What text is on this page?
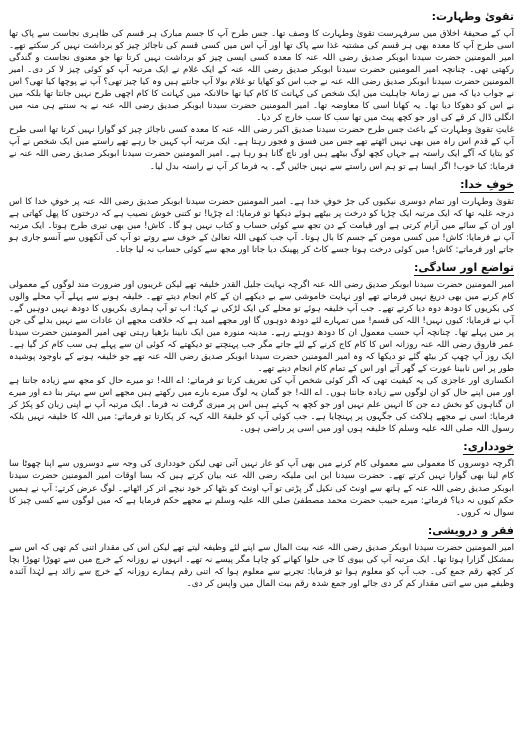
تقویٰ وطہارت:

آپ کے صحیفۂ اخلاق میں سرفہرست تقویٰ وطہارت کا وصف تھا۔ جس طرح آپ کا جسم مبارک ہر قسم کی ظاہری نجاست سے پاک تھا اسی طرح آپ کا معدہ بھی ہر قسم کی مشتبہ غذا سے پاک تھا اور آپ اس میں کسی قسم کی ناجائز چیز کو برداشت نہیں کر سکتے تھے۔ امیر المومنین حضرت سیدنا ابوبکر صدیق رضی اللہ عنہ کا معدہ کسی ایسی چیز کو برداشت نہیں کرتا تھا جو معنوی نجاست و گندگی رکھتی تھی۔ چنانچہ امیر المومنین حضرت سیدنا ابوبکر صدیق رضی اللہ عنہ کے ایک غلام نے ایک مرتبہ آپ کو کوئی چیز لا کر دی۔ امیر المومنین حضرت سیدنا ابوبکر صدیق رضی اللہ عنہ نے جب اس کو کھایا تو غلام بولا آپ جانتے ہیں وہ کیا چیز تھی؟ آپ نے پوچھا کیا تھی؟ اس نے جواب دیا کہ میں نے زمانۂ جاہلیت میں ایک شخص کی کہانت کا کام کیا تھا حالانکہ میں کہانت کا کام اچھی طرح نہیں جانتا تھا بلکہ میں نے اس کو دھوکا دیا تھا۔ یہ کھانا اسی کا معاوضہ تھا۔ امیر المومنین حضرت سیدنا ابوبکر صدیق رضی اللہ عنہ نے یہ سنتے ہی منہ میں انگلی ڈال کر قے کی اور جو کچھ پیٹ میں تھا سب کا سب خارج کر دیا۔

غایتِ تقویٰ وطہارت کے باعث جس طرح حضرت سیدنا صدیق اکبر رضی اللہ عنہ کا معدہ کسی ناجائز چیز کو گوارا نہیں کرتا تھا اسی طرح آپ کے قدم اس راہ میں بھی نہیں اٹھتے تھے جس میں فسق و فجور رہتا ہے۔ ایک مرتبہ آپ کہیں جا رہے تھے راستے میں ایک شخص نے آپ کو بتایا کہ آگے ایک راستہ ہے جہاں کچھ لوگ بیٹھے ہیں اور ناچ گانا ہو رہا ہے۔ امیر المومنین حضرت سیدنا ابوبکر صدیق رضی اللہ عنہ نے فرمایا: کیا خوب! اگر ایسا ہے تو ہم اس راستے سے نہیں جائیں گے۔ یہ فرما کر آپ نے راستہ بدل لیا۔

خوفِ خدا:

تقویٰ وطہارت اور تمام دوسری نیکیوں کی جڑ خوفِ خدا ہے۔ امیر المومنین حضرت سیدنا ابوبکر صدیق رضی اللہ عنہ پر خوفِ خدا کا اس درجہ غلبہ تھا کہ ایک مرتبہ ایک چڑیا کو درخت پر بیٹھے ہوئے دیکھا تو فرمایا: اے چڑیا! تو کتنی خوش نصیب ہے کہ درختوں کا پھل کھاتی ہے اور ان کے سائے میں آرام کرتی ہے اور قیامت کے دن تجھ سے کوئی حساب و کتاب نہیں ہو گا۔ کاش! میں بھی تیری طرح ہوتا۔ ایک مرتبہ آپ نے فرمایا: کاش! میں کسی مومن کے جسم کا بال ہوتا۔ آپ جب کبھی اللہ تعالیٰ کے خوف سے روتے تو آپ کی آنکھوں سے آنسو جاری ہو جاتے اور فرماتے: کاش! میں کوئی درخت ہوتا جسے کاٹ کر پھینک دیا جاتا اور مجھ سے کوئی حساب نہ لیا جاتا۔

تواضع اور سادگی:

امیر المومنین حضرت سیدنا ابوبکر صدیق رضی اللہ عنہ اگرچہ نہایت جلیل القدر خلیفہ تھے لیکن غریبوں اور ضرورت مند لوگوں کے معمولی کام کرنے میں بھی دریغ نہیں فرماتے تھے اور نہایت خاموشی سے بے دیکھے ان کے کام انجام دیتے تھے۔ خلیفہ ہونے سے پہلے آپ محلے والوں کی بکریوں کا دودھ دوہ دیا کرتے تھے۔ جب آپ خلیفہ ہوئے تو محلے کی ایک لڑکی نے کہا: اب تو آپ ہماری بکریوں کا دودھ نہیں دوہیں گے۔ آپ نے فرمایا: کیوں نہیں! اللہ کی قسم! میں تمہارے لئے دودھ دوہوں گا اور مجھے امید ہے کہ خلافت مجھے ان عادات سے نہیں بدلے گی جن پر میں پہلے تھا۔ چنانچہ آپ حسب معمول ان کا دودھ دوہتے رہے۔ مدینہ منورہ میں ایک نابینا بڑھیا رہتی تھی امیر المومنین حضرت سیدنا عمر فاروق رضی اللہ عنہ روزانہ اس کا کام کاج کرنے کے لئے جاتے مگر جب پہنچتے تو دیکھتے کہ کوئی ان سے پہلے ہی سب کام کر گیا ہے۔ ایک روز آپ چھپ کر بیٹھ گئے تو دیکھا کہ وہ امیر المومنین حضرت سیدنا ابوبکر صدیق رضی اللہ عنہ تھے جو خلیفہ ہونے کے باوجود پوشیدہ طور پر اس نابینا عورت کے گھر آتے اور اس کے تمام کام انجام دیتے تھے۔

انکساری اور عاجزی کی یہ کیفیت تھی کہ اگر کوئی شخص آپ کی تعریف کرتا تو فرماتے: اے اللہ! تو میرے حال کو مجھ سے زیادہ جانتا ہے اور میں اپنے حال کو ان لوگوں سے زیادہ جانتا ہوں۔ اے اللہ! جو گمان یہ لوگ میرے بارے میں رکھتے ہیں مجھے اس سے بہتر بنا دے اور میرے ان گناہوں کو بخش دے جن کا انہیں علم نہیں اور جو کچھ یہ کہتے ہیں اس پر میری گرفت نہ فرما۔ ایک مرتبہ آپ نے اپنی زبان کو پکڑ کر فرمایا: اسی نے مجھے ہلاکت کی جگہوں پر پہنچایا ہے۔ جب کوئی آپ کو خلیفۃ اللہ کہہ کر پکارتا تو فرماتے: میں اللہ کا خلیفہ نہیں بلکہ رسول اللہ صلی اللہ علیہ وسلم کا خلیفہ ہوں اور میں اسی پر راضی ہوں۔

خودداری:

اگرچہ دوسروں کا معمولی سے معمولی کام کرنے میں بھی آپ کو عار نہیں آتی تھی لیکن خودداری کی وجہ سے دوسروں سے اپنا چھوٹا سا کام لینا بھی گوارا نہیں کرتے تھے۔ حضرت سیدنا ابن ابی ملیکہ رضی اللہ عنہ بیان کرتے ہیں کہ بسا اوقات امیر المومنین حضرت سیدنا ابوبکر صدیق رضی اللہ عنہ کے ہاتھ سے اونٹ کی نکیل گر پڑتی تو آپ اونٹ کو بٹھا کر خود نیچے اتر کر اٹھاتے۔ لوگ عرض کرتے: آپ نے ہمیں حکم کیوں نہ دیا؟ فرماتے: میرے حبیب حضرت محمد مصطفیٰ صلی اللہ علیہ وسلم نے مجھے حکم فرمایا ہے کہ میں لوگوں سے کسی چیز کا سوال نہ کروں۔

فقر و درویشی:

امیر المومنین حضرت سیدنا ابوبکر صدیق رضی اللہ عنہ بیت المال سے اپنے لئے وظیفہ لیتے تھے لیکن اس کی مقدار اتنی کم تھی کہ اس سے بمشکل گزارا ہوتا تھا۔ ایک مرتبہ آپ کی بیوی کا جی حلوا کھانے کو چاہا مگر پیسے نہ تھے۔ انہوں نے روزانہ کے خرچ میں سے تھوڑا تھوڑا بچا کر کچھ رقم جمع کی۔ جب آپ کو معلوم ہوا تو فرمایا: تجربے سے معلوم ہوا کہ اتنی رقم ہمارے روزانہ کے خرچ سے زائد ہے لہٰذا آئندہ وظیفے میں سے اتنی مقدار کم کر دی جائے اور جمع شدہ رقم بیت المال میں واپس کر دی۔
